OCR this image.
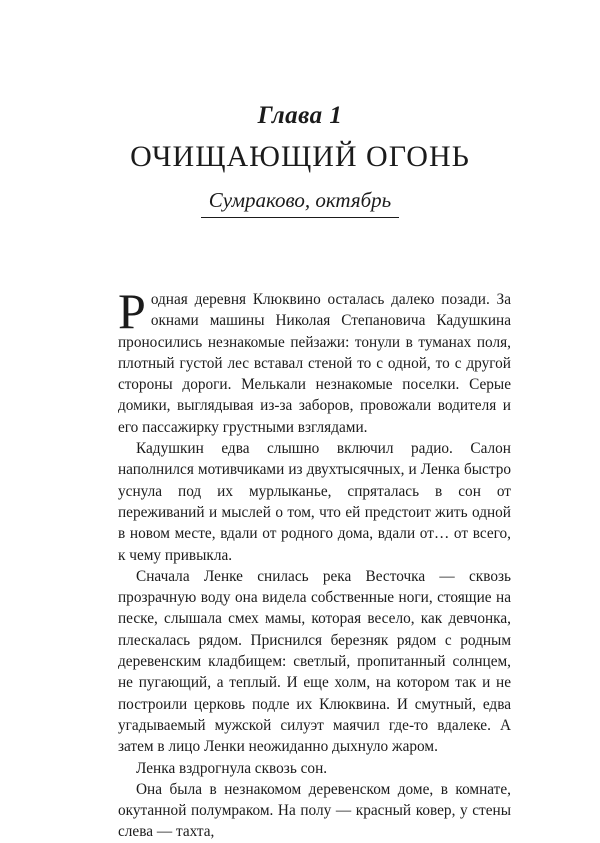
Глава 1
ОЧИЩАЮЩИЙ ОГОНЬ
Сумраково, октябрь

Родная деревня Клюквино осталась далеко позади. За окнами машины Николая Степановича Кадушкина проносились незнакомые пейзажи: тонули в туманах поля, плотный густой лес вставал стеной то с одной, то с другой стороны дороги. Мелькали незнакомые поселки. Серые домики, выглядывая из-за заборов, провожали водителя и его пассажирку грустными взглядами.

Кадушкин едва слышно включил радио. Салон наполнился мотивчиками из двухтысячных, и Ленка быстро уснула под их мурлыканье, спряталась в сон от переживаний и мыслей о том, что ей предстоит жить одной в новом месте, вдали от родного дома, вдали от… от всего, к чему привыкла.

Сначала Ленке снилась река Весточка — сквозь прозрачную воду она видела собственные ноги, стоящие на песке, слышала смех мамы, которая весело, как девчонка, плескалась рядом. Приснился березняк рядом с родным деревенским кладбищем: светлый, пропитанный солнцем, не пугающий, а теплый. И еще холм, на котором так и не построили церковь подле их Клюквина. И смутный, едва угадываемый мужской силуэт маячил где-то вдалеке. А затем в лицо Ленки неожиданно дыхнуло жаром.

Ленка вздрогнула сквозь сон.

Она была в незнакомом деревенском доме, в комнате, окутанной полумраком. На полу — красный ковер, у стены слева — тахта,
